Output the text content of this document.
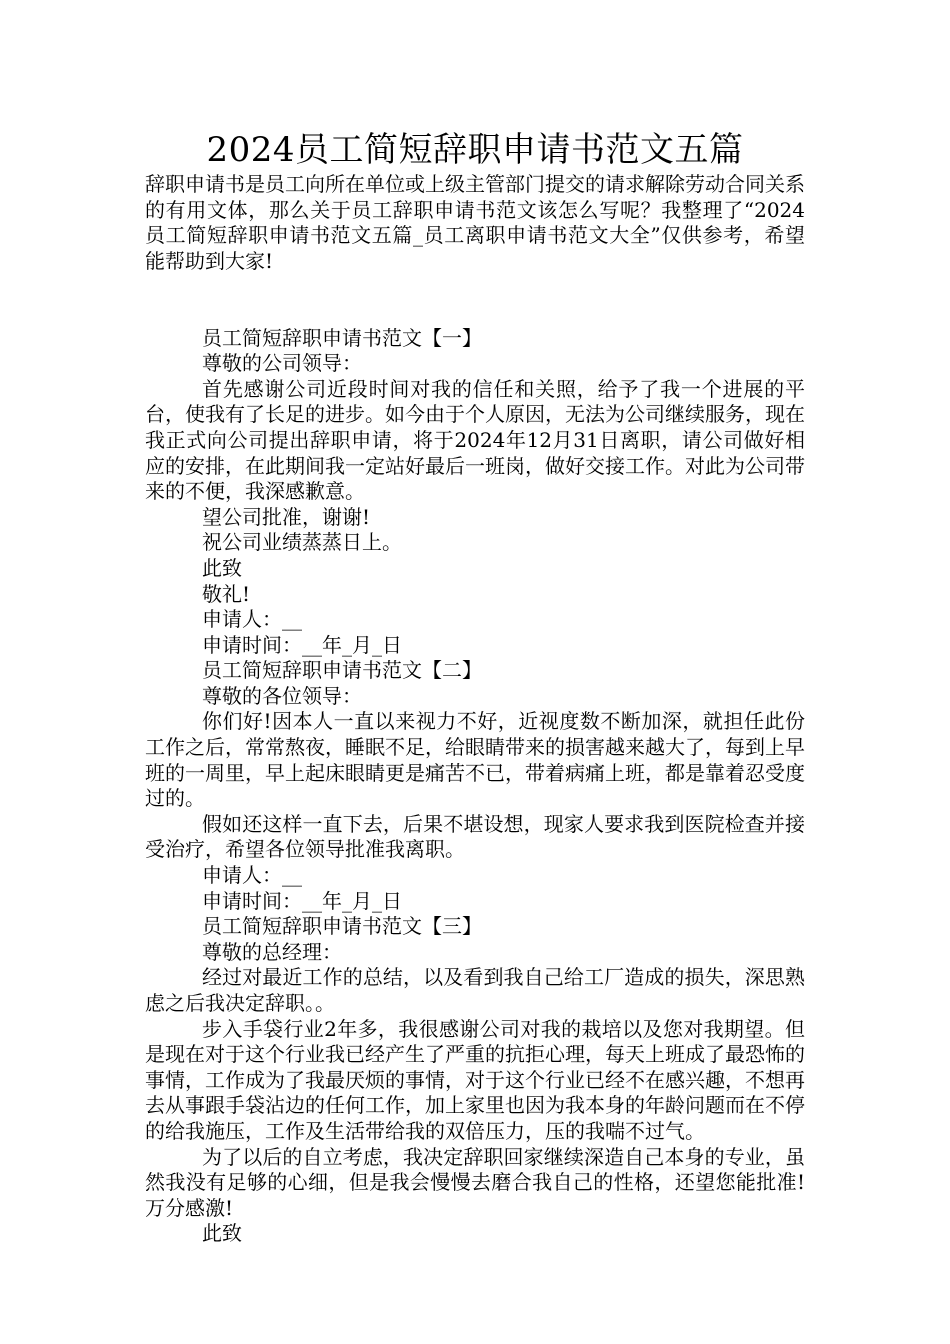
2024员工简短辞职申请书范文五篇

辞职申请书是员工向所在单位或上级主管部门提交的请求解除劳动合同关系的有用文体，那么关于员工辞职申请书范文该怎么写呢？我整理了“2024员工简短辞职申请书范文五篇_员工离职申请书范文大全”仅供参考，希望能帮助到大家!

员工简短辞职申请书范文【一】

尊敬的公司领导：

首先感谢公司近段时间对我的信任和关照，给予了我一个进展的平台，使我有了长足的进步。如今由于个人原因，无法为公司继续服务，现在我正式向公司提出辞职申请，将于2024年12月31日离职，请公司做好相应的安排，在此期间我一定站好最后一班岗，做好交接工作。对此为公司带来的不便，我深感歉意。

望公司批准，谢谢!

祝公司业绩蒸蒸日上。

此致

敬礼!

申请人：__

申请时间：__年_月_日

员工简短辞职申请书范文【二】

尊敬的各位领导：

你们好!因本人一直以来视力不好，近视度数不断加深，就担任此份工作之后，常常熬夜，睡眠不足，给眼睛带来的损害越来越大了，每到上早班的一周里，早上起床眼睛更是痛苦不已，带着病痛上班，都是靠着忍受度过的。

假如还这样一直下去，后果不堪设想，现家人要求我到医院检查并接受治疗，希望各位领导批准我离职。

申请人：__

申请时间：__年_月_日

员工简短辞职申请书范文【三】

尊敬的总经理：

经过对最近工作的总结，以及看到我自己给工厂造成的损失，深思熟虑之后我决定辞职。。

步入手袋行业2年多，我很感谢公司对我的栽培以及您对我期望。但是现在对于这个行业我已经产生了严重的抗拒心理，每天上班成了最恐怖的事情，工作成为了我最厌烦的事情，对于这个行业已经不在感兴趣，不想再去从事跟手袋沾边的任何工作，加上家里也因为我本身的年龄问题而在不停的给我施压，工作及生活带给我的双倍压力，压的我喘不过气。

为了以后的自立考虑，我决定辞职回家继续深造自己本身的专业，虽然我没有足够的心细，但是我会慢慢去磨合我自己的性格，还望您能批准!万分感激!

此致
